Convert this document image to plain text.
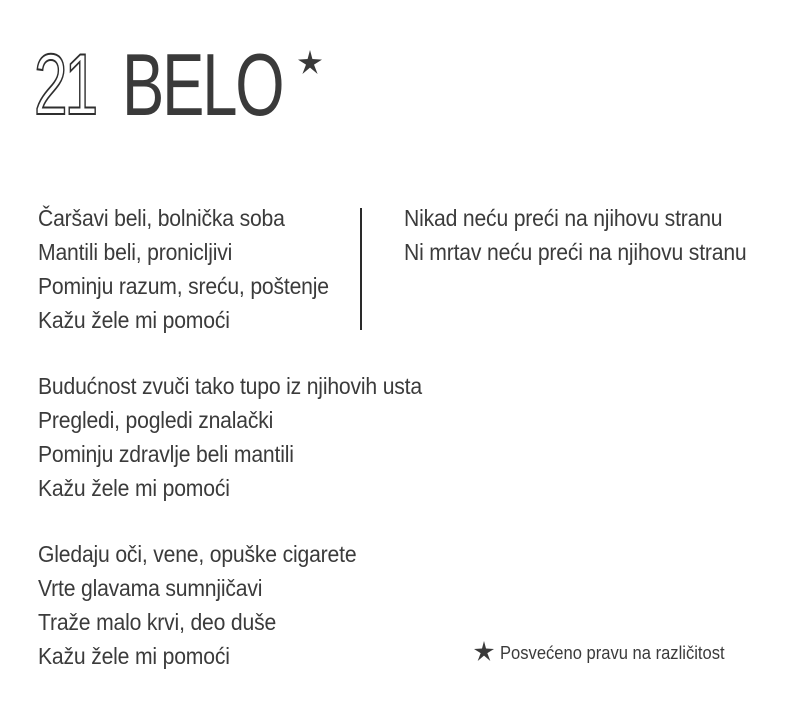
21 BELO
Čaršavi beli, bolnička soba
Mantili beli, pronicljivi
Pominju razum, sreću, poštenje
Kažu žele mi pomoći
Nikad neću preći na njihovu stranu
Ni mrtav neću preći na njihovu stranu
Budućnost zvuči tako tupo iz njihovih usta
Pregledi, pogledi znalački
Pominju zdravlje beli mantili
Kažu žele mi pomoći
Gledaju oči, vene, opuške cigarete
Vrte glavama sumnjičavi
Traže malo krvi, deo duše
Kažu žele mi pomoći	Posvećeno pravu na različitost
